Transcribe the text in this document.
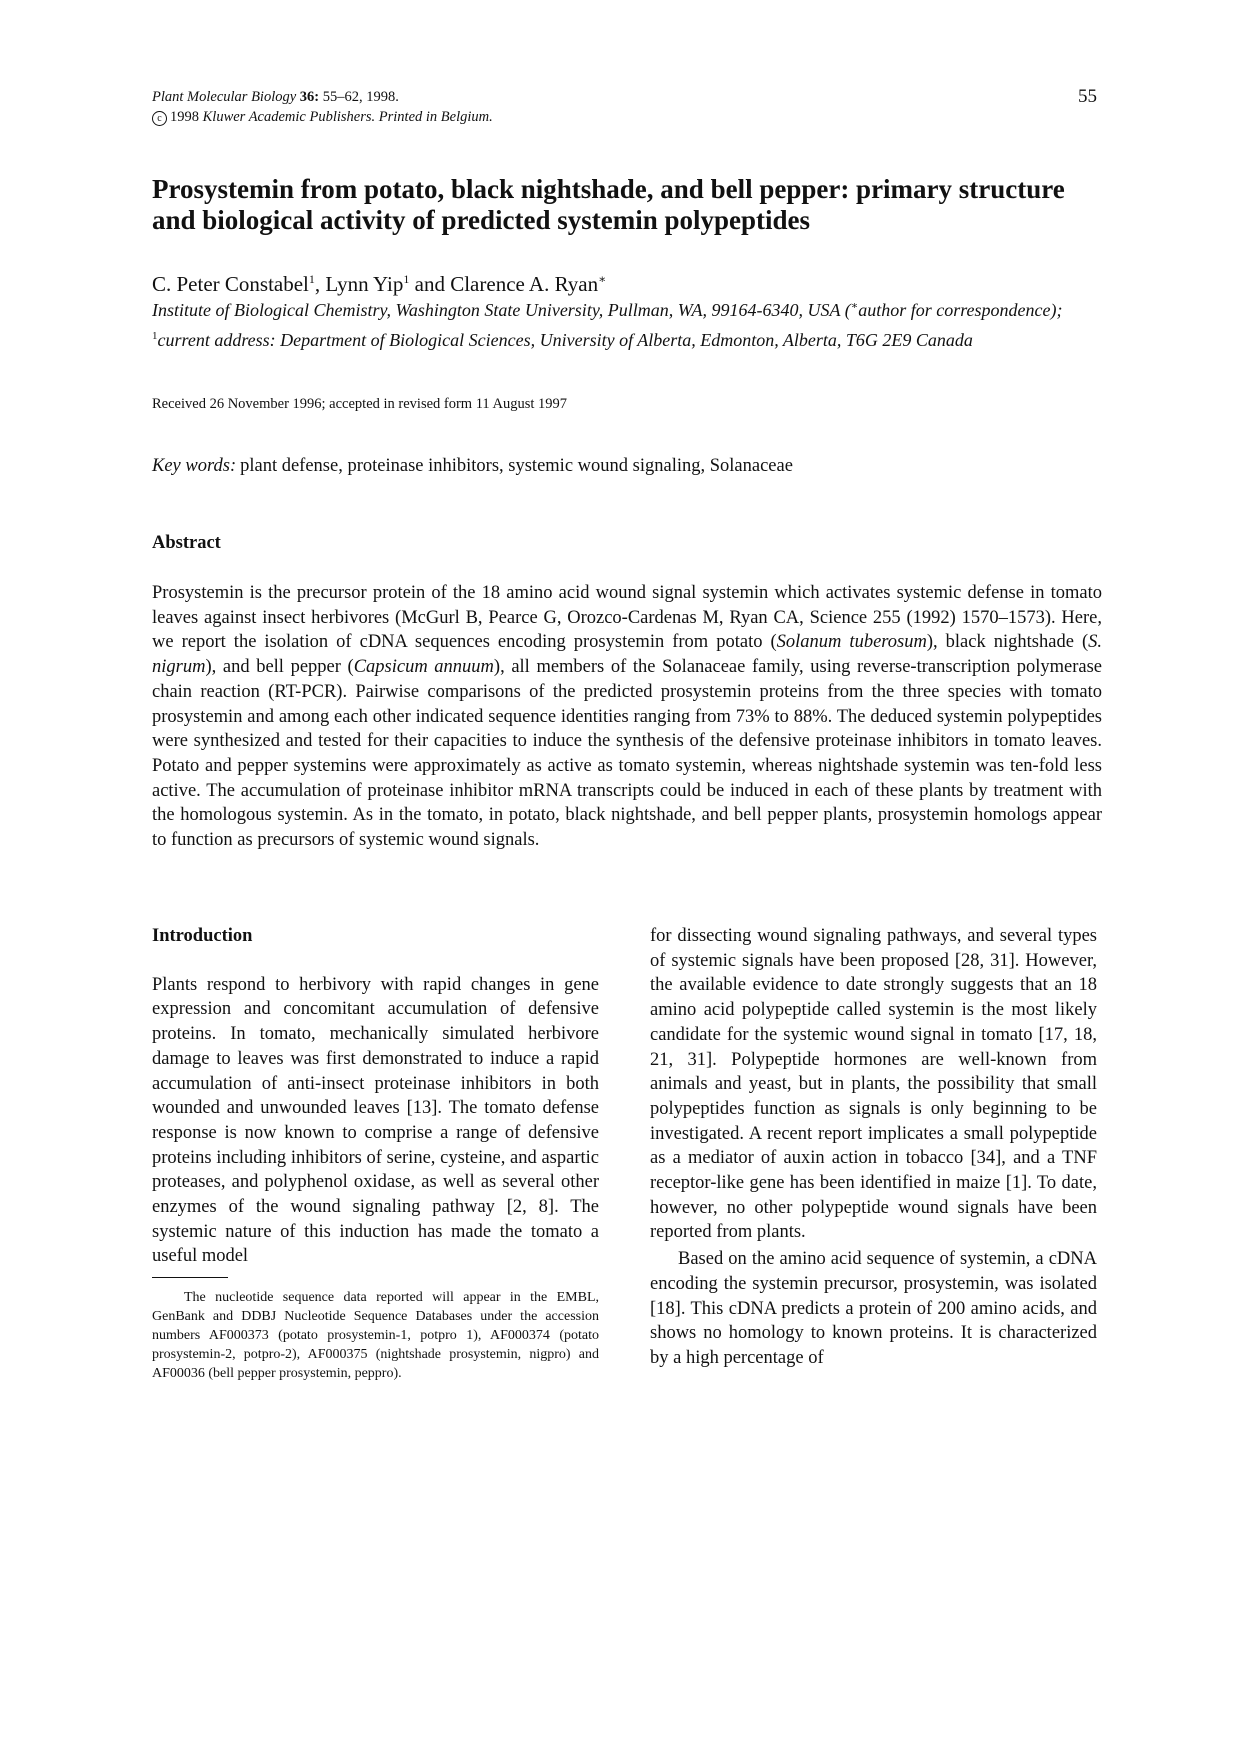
Plant Molecular Biology 36: 55–62, 1998.
c 1998 Kluwer Academic Publishers. Printed in Belgium.
55
Prosystemin from potato, black nightshade, and bell pepper: primary structure and biological activity of predicted systemin polypeptides
C. Peter Constabel$^1$, Lynn Yip$^1$ and Clarence A. Ryan∗
Institute of Biological Chemistry, Washington State University, Pullman, WA, 99164-6340, USA (∗author for correspondence); $^1$current address: Department of Biological Sciences, University of Alberta, Edmonton, Alberta, T6G 2E9 Canada
Received 26 November 1996; accepted in revised form 11 August 1997
Key words: plant defense, proteinase inhibitors, systemic wound signaling, Solanaceae
Abstract
Prosystemin is the precursor protein of the 18 amino acid wound signal systemin which activates systemic defense in tomato leaves against insect herbivores (McGurl B, Pearce G, Orozco-Cardenas M, Ryan CA, Science 255 (1992) 1570–1573). Here, we report the isolation of cDNA sequences encoding prosystemin from potato (Solanum tuberosum), black nightshade (S. nigrum), and bell pepper (Capsicum annuum), all members of the Solanaceae family, using reverse-transcription polymerase chain reaction (RT-PCR). Pairwise comparisons of the predicted prosystemin proteins from the three species with tomato prosystemin and among each other indicated sequence identities ranging from 73% to 88%. The deduced systemin polypeptides were synthesized and tested for their capacities to induce the synthesis of the defensive proteinase inhibitors in tomato leaves. Potato and pepper systemins were approximately as active as tomato systemin, whereas nightshade systemin was ten-fold less active. The accumulation of proteinase inhibitor mRNA transcripts could be induced in each of these plants by treatment with the homologous systemin. As in the tomato, in potato, black nightshade, and bell pepper plants, prosystemin homologs appear to function as precursors of systemic wound signals.
Introduction

Plants respond to herbivory with rapid changes in gene expression and concomitant accumulation of defensive proteins. In tomato, mechanically simulated herbivore damage to leaves was first demonstrated to induce a rapid accumulation of anti-insect proteinase inhibitors in both wounded and unwounded leaves [13]. The tomato defense response is now known to comprise a range of defensive proteins including inhibitors of serine, cysteine, and aspartic proteases, and polyphenol oxidase, as well as several other enzymes of the wound signaling pathway [2, 8]. The systemic nature of this induction has made the tomato a useful model

The nucleotide sequence data reported will appear in the EMBL, GenBank and DDBJ Nucleotide Sequence Databases under the accession numbers AF000373 (potato prosystemin-1, potpro 1), AF000374 (potato prosystemin-2, potpro-2), AF000375 (nightshade prosystemin, nigpro) and AF00036 (bell pepper prosystemin, peppro).

for dissecting wound signaling pathways, and several types of systemic signals have been proposed [28, 31]. However, the available evidence to date strongly suggests that an 18 amino acid polypeptide called systemin is the most likely candidate for the systemic wound signal in tomato [17, 18, 21, 31]. Polypeptide hormones are well-known from animals and yeast, but in plants, the possibility that small polypeptides function as signals is only beginning to be investigated. A recent report implicates a small polypeptide as a mediator of auxin action in tobacco [34], and a TNF receptor-like gene has been identified in maize [1]. To date, however, no other polypeptide wound signals have been reported from plants.

Based on the amino acid sequence of systemin, a cDNA encoding the systemin precursor, prosystemin, was isolated [18]. This cDNA predicts a protein of 200 amino acids, and shows no homology to known proteins. It is characterized by a high percentage of
